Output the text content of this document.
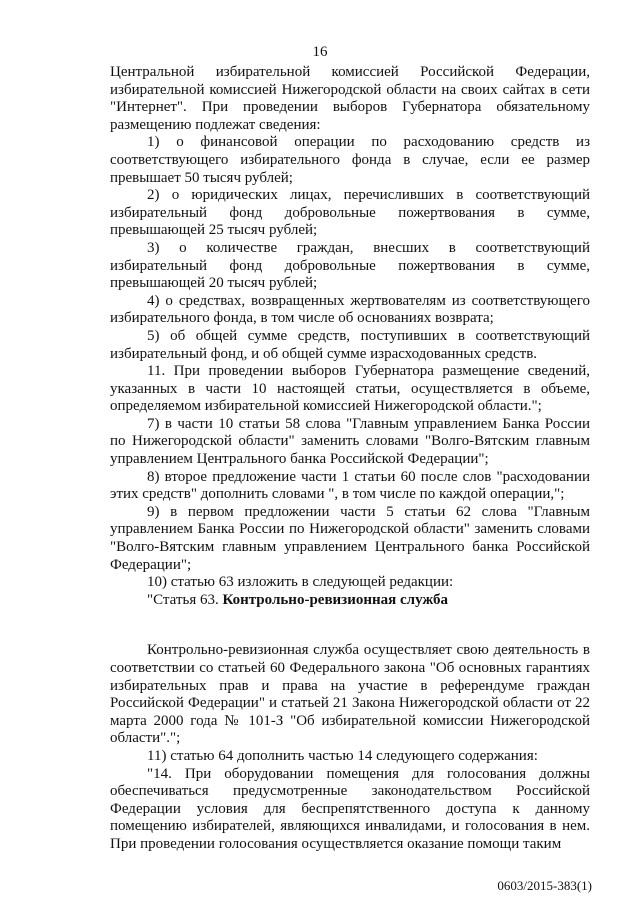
16

Центральной избирательной комиссией Российской Федерации, избирательной комиссией Нижегородской области на своих сайтах в сети "Интернет". При проведении выборов Губернатора обязательному размещению подлежат сведения:

1) о финансовой операции по расходованию средств из соответствующего избирательного фонда в случае, если ее размер превышает 50 тысяч рублей;

2) о юридических лицах, перечисливших в соответствующий избирательный фонд добровольные пожертвования в сумме, превышающей 25 тысяч рублей;

3) о количестве граждан, внесших в соответствующий избирательный фонд добровольные пожертвования в сумме, превышающей 20 тысяч рублей;

4) о средствах, возвращенных жертвователям из соответствующего избирательного фонда, в том числе об основаниях возврата;

5) об общей сумме средств, поступивших в соответствующий избирательный фонд, и об общей сумме израсходованных средств.

11. При проведении выборов Губернатора размещение сведений, указанных в части 10 настоящей статьи, осуществляется в объеме, определяемом избирательной комиссией Нижегородской области.";

7) в части 10 статьи 58 слова "Главным управлением Банка России по Нижегородской области" заменить словами "Волго-Вятским главным управлением Центрального банка Российской Федерации";

8) второе предложение части 1 статьи 60 после слов "расходовании этих средств" дополнить словами ", в том числе по каждой операции,";

9) в первом предложении части 5 статьи 62 слова "Главным управлением Банка России по Нижегородской области" заменить словами "Волго-Вятским главным управлением Центрального банка Российской Федерации";

10) статью 63 изложить в следующей редакции:

"Статья 63. Контрольно-ревизионная служба

Контрольно-ревизионная служба осуществляет свою деятельность в соответствии со статьей 60 Федерального закона "Об основных гарантиях избирательных прав и права на участие в референдуме граждан Российской Федерации" и статьей 21 Закона Нижегородской области от 22 марта 2000 года № 101-З "Об избирательной комиссии Нижегородской области".";

11) статью 64 дополнить частью 14 следующего содержания:

"14. При оборудовании помещения для голосования должны обеспечиваться предусмотренные законодательством Российской Федерации условия для беспрепятственного доступа к данному помещению избирателей, являющихся инвалидами, и голосования в нем. При проведении голосования осуществляется оказание помощи таким

0603/2015-383(1)
